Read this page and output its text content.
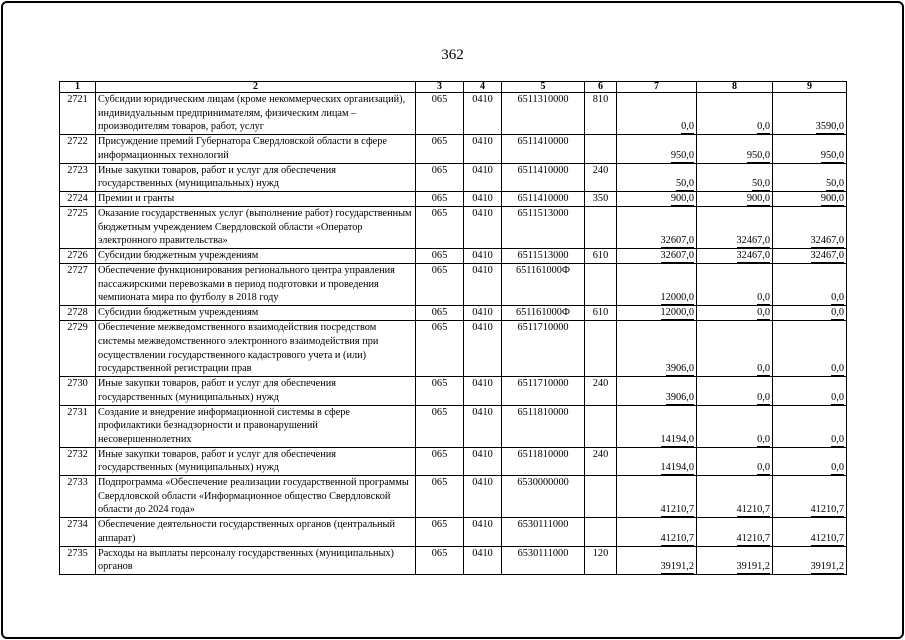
362
1	2	3	4	5	6	7	8	9
2721	Субсидии юридическим лицам (кроме некоммерческих организаций), индивидуальным предпринимателям, физическим лицам – производителям товаров, работ, услуг	065	0410	6511310000	810	0,0	0,0	3590,0
2722	Присуждение премий Губернатора Свердловской области в сфере информационных технологий	065	0410	6511410000		950,0	950,0	950,0
2723	Иные закупки товаров, работ и услуг для обеспечения государственных (муниципальных) нужд	065	0410	6511410000	240	50,0	50,0	50,0
2724	Премии и гранты	065	0410	6511410000	350	900,0	900,0	900,0
2725	Оказание государственных услуг (выполнение работ) государственным бюджетным учреждением Свердловской области «Оператор электронного правительства»	065	0410	6511513000		32607,0	32467,0	32467,0
2726	Субсидии бюджетным учреждениям	065	0410	6511513000	610	32607,0	32467,0	32467,0
2727	Обеспечение функционирования регионального центра управления пассажирскими перевозками в период подготовки и проведения чемпионата мира по футболу в 2018 году	065	0410	651161000Ф		12000,0	0,0	0,0
2728	Субсидии бюджетным учреждениям	065	0410	651161000Ф	610	12000,0	0,0	0,0
2729	Обеспечение межведомственного взаимодействия посредством системы межведомственного электронного взаимодействия при осуществлении государственного кадастрового учета и (или) государственной регистрации прав	065	0410	6511710000		3906,0	0,0	0,0
2730	Иные закупки товаров, работ и услуг для обеспечения государственных (муниципальных) нужд	065	0410	6511710000	240	3906,0	0,0	0,0
2731	Создание и внедрение информационной системы в сфере профилактики безнадзорности и правонарушений несовершеннолетних	065	0410	6511810000		14194,0	0,0	0,0
2732	Иные закупки товаров, работ и услуг для обеспечения государственных (муниципальных) нужд	065	0410	6511810000	240	14194,0	0,0	0,0
2733	Подпрограмма «Обеспечение реализации государственной программы Свердловской области «Информационное общество Свердловской области до 2024 года»	065	0410	6530000000		41210,7	41210,7	41210,7
2734	Обеспечение деятельности государственных органов (центральный аппарат)	065	0410	6530111000		41210,7	41210,7	41210,7
2735	Расходы на выплаты персоналу государственных (муниципальных) органов	065	0410	6530111000	120	39191,2	39191,2	39191,2
